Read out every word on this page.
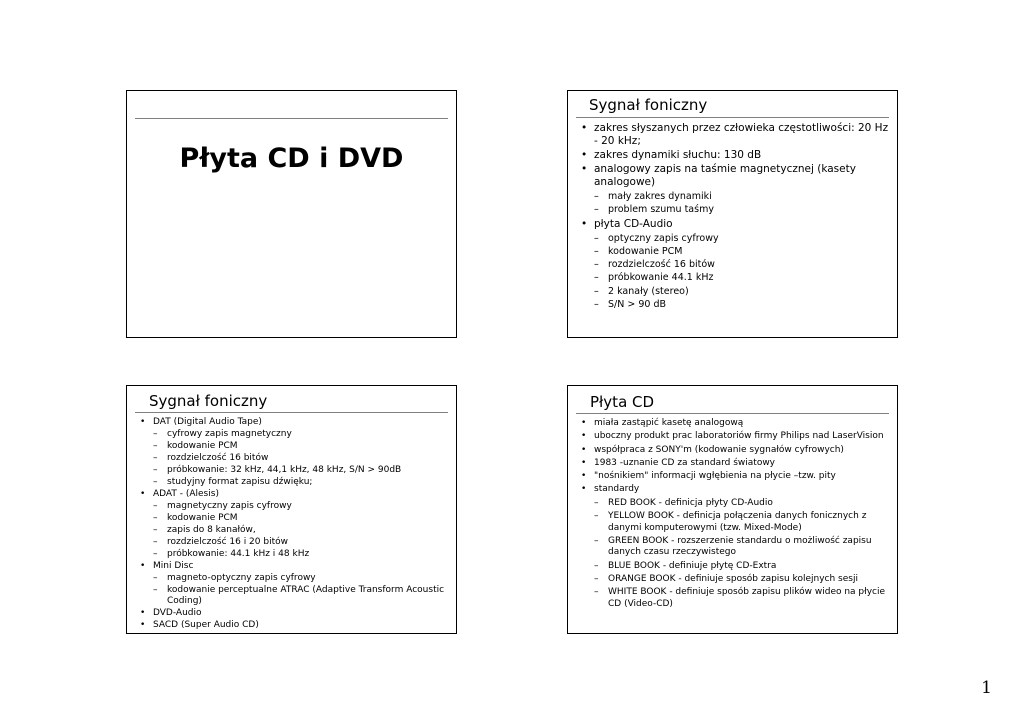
Płyta CD i DVD
Sygnał foniczny
• zakres słyszanych przez człowieka częstotliwości: 20 Hz - 20 kHz;
• zakres dynamiki słuchu: 130 dB
• analogowy zapis na taśmie magnetycznej (kasety analogowe)
– mały zakres dynamiki
– problem szumu taśmy
• płyta CD-Audio
– optyczny zapis cyfrowy
– kodowanie PCM
– rozdzielczość 16 bitów
– próbkowanie 44.1 kHz
– 2 kanały (stereo)
– S/N > 90 dB
Sygnał foniczny
• DAT (Digital Audio Tape)
– cyfrowy zapis magnetyczny
– kodowanie PCM
– rozdzielczość 16 bitów
– próbkowanie: 32 kHz, 44,1 kHz, 48 kHz, S/N > 90dB
– studyjny format zapisu dźwięku;
• ADAT - (Alesis)
– magnetyczny zapis cyfrowy
– kodowanie PCM
– zapis do 8 kanałów,
– rozdzielczość 16 i 20 bitów
– próbkowanie: 44.1 kHz i 48 kHz
• Mini Disc
– magneto-optyczny zapis cyfrowy
– kodowanie perceptualne ATRAC (Adaptive Transform Acoustic Coding)
• DVD-Audio
• SACD (Super Audio CD)
Płyta CD
• miała zastąpić kasetę analogową
• uboczny produkt prac laboratoriów firmy Philips nad LaserVision
• współpraca z SONY'm (kodowanie sygnałów cyfrowych)
• 1983 -uznanie CD za standard światowy
• "nośnikiem" informacji wgłębienia na płycie –tzw. pity
• standardy
– RED BOOK - definicja płyty CD-Audio
– YELLOW BOOK - definicja połączenia danych fonicznych z danymi komputerowymi (tzw. Mixed-Mode)
– GREEN BOOK - rozszerzenie standardu o możliwość zapisu danych czasu rzeczywistego
– BLUE BOOK - definiuje płytę CD-Extra
– ORANGE BOOK - definiuje sposób zapisu kolejnych sesji
– WHITE BOOK - definiuje sposób zapisu plików wideo na płycie CD (Video-CD)
1
